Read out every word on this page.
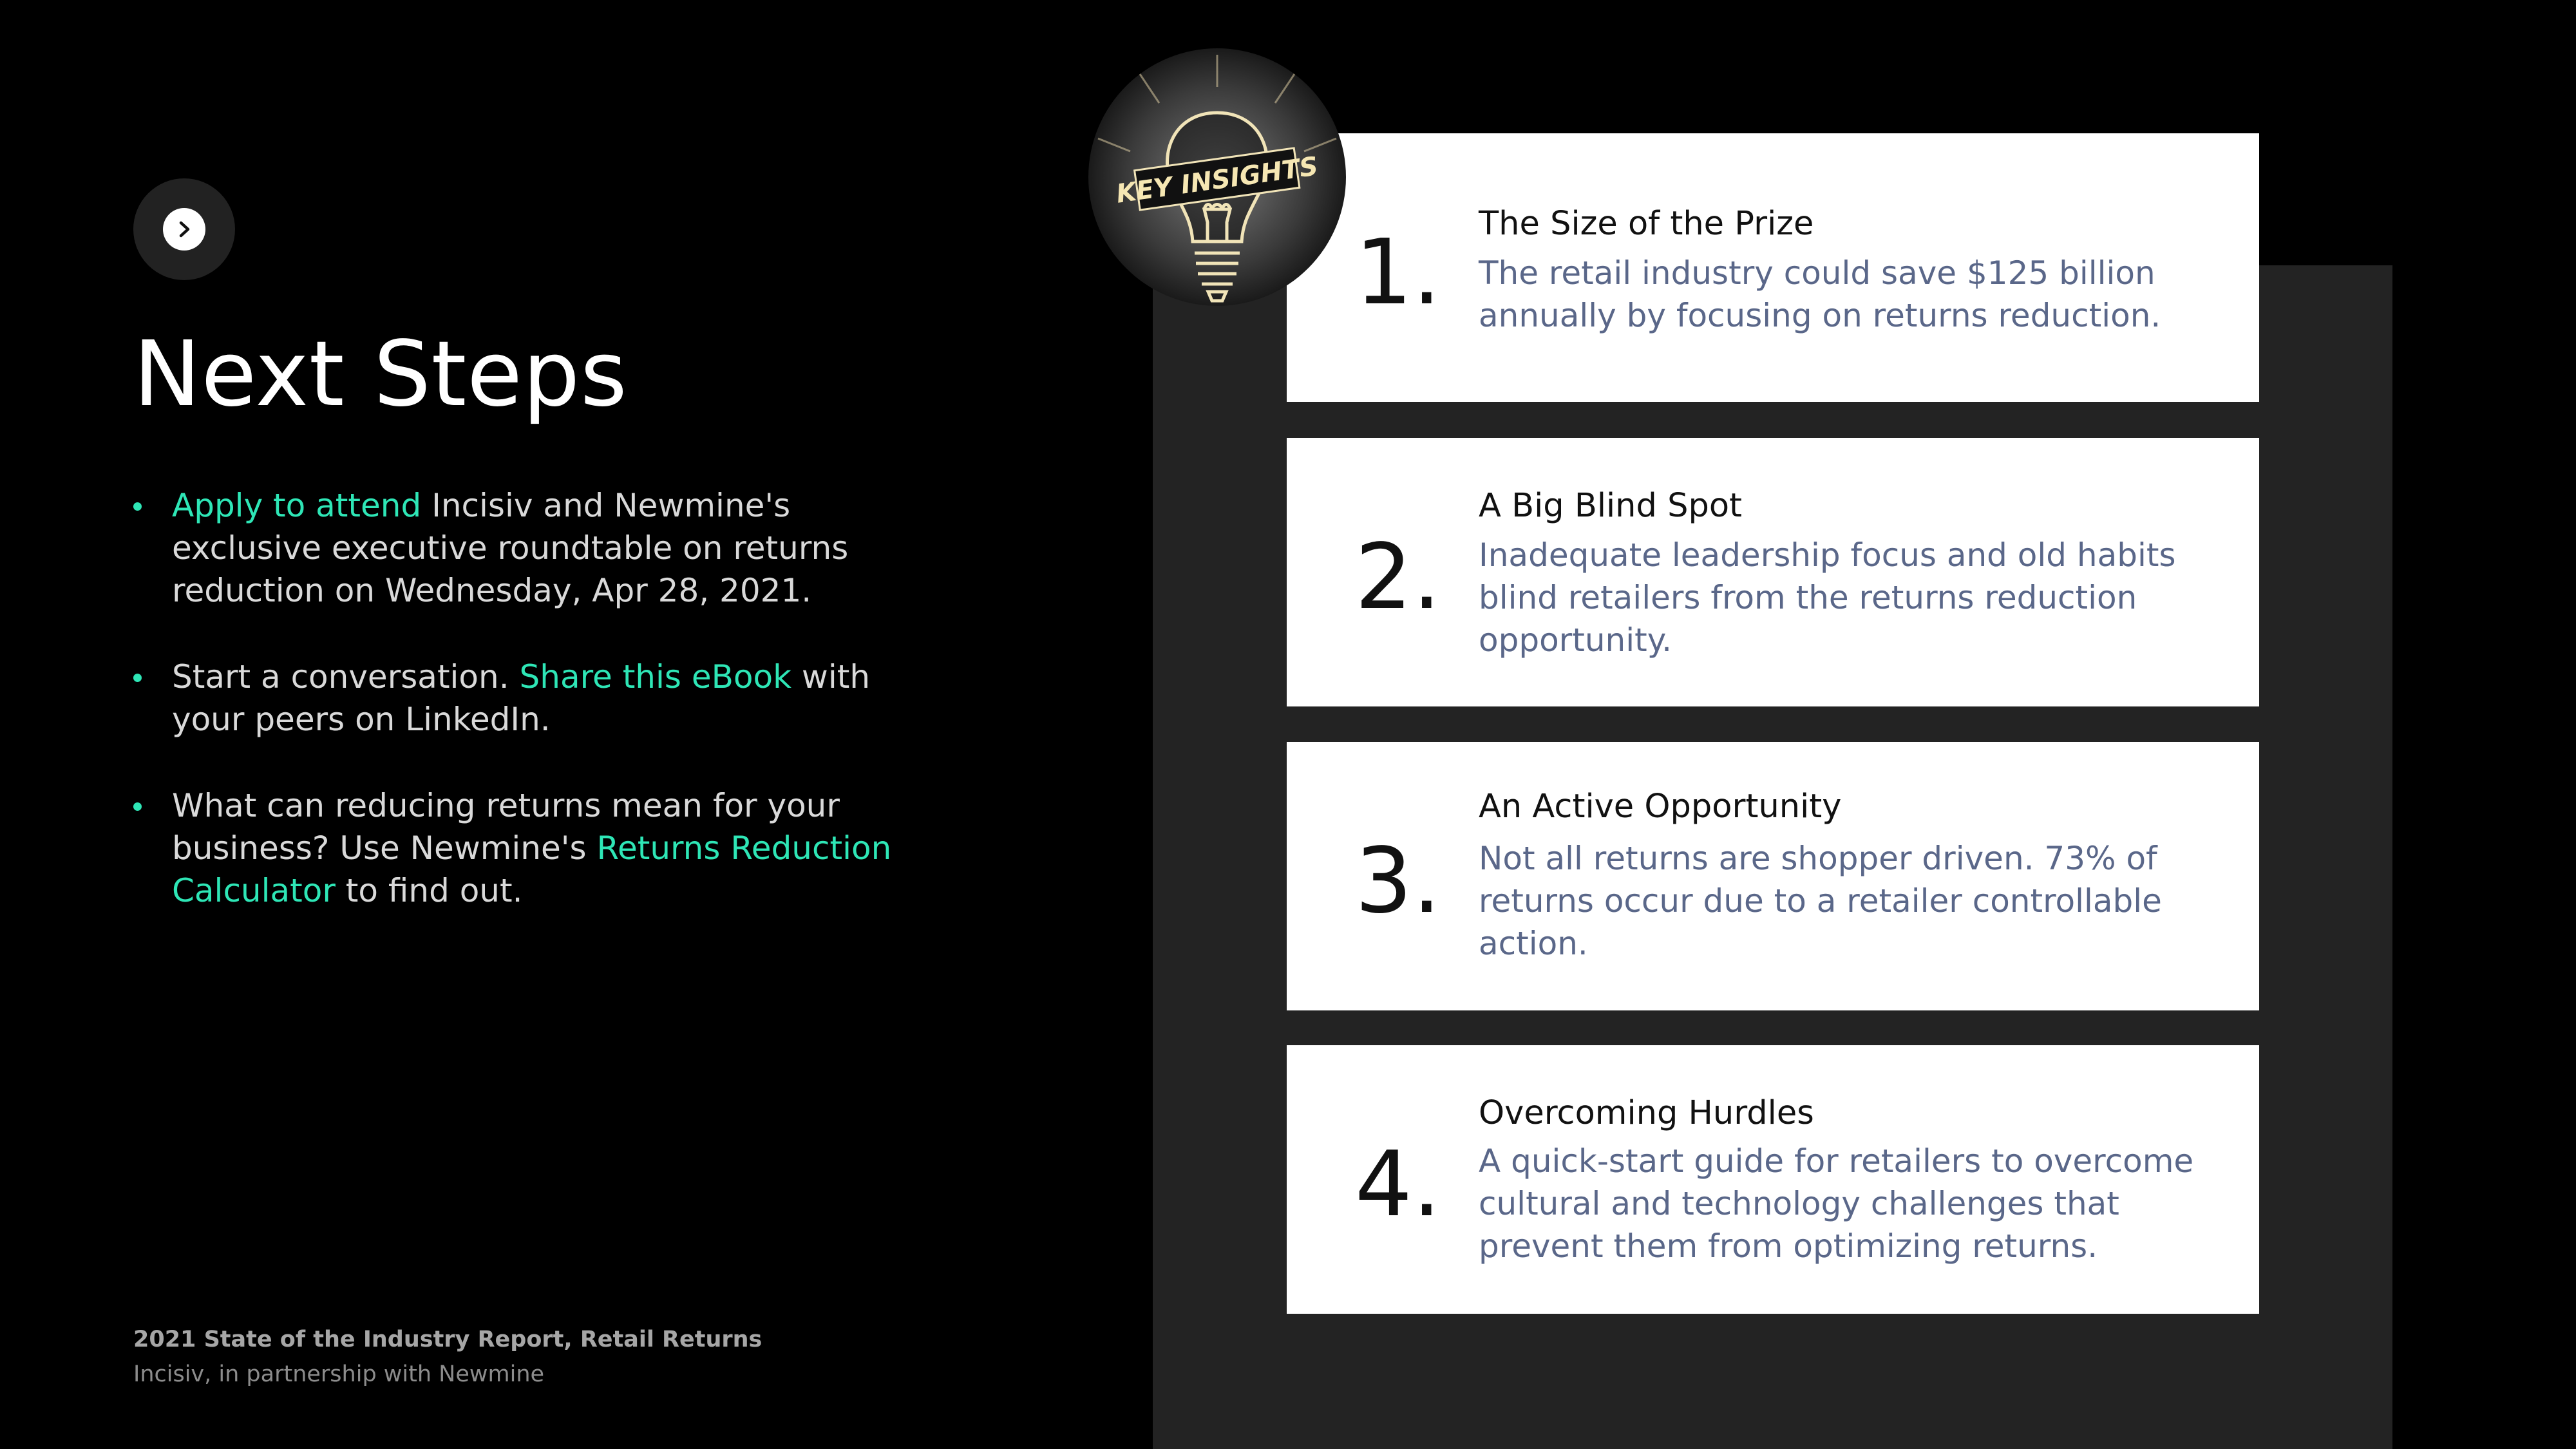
Next Steps
Apply to attend Incisiv and Newmine's exclusive executive roundtable on returns reduction on Wednesday, Apr 28, 2021.
Start a conversation. Share this eBook with your peers on LinkedIn.
What can reducing returns mean for your business? Use Newmine's Returns Reduction Calculator to find out.
2021 State of the Industry Report, Retail Returns
Incisiv, in partnership with Newmine
1. The Size of the Prize
The retail industry could save $125 billion annually by focusing on returns reduction.
2.
A Big Blind Spot
Inadequate leadership focus and old habits blind retailers from the returns reduction opportunity.
3.
An Active Opportunity
Not all returns are shopper driven. 73% of returns occur due to a retailer controllable action.
4.
Overcoming Hurdles
A quick-start guide for retailers to overcome cultural and technology challenges that prevent them from optimizing returns.
KEY INSIGHTS
